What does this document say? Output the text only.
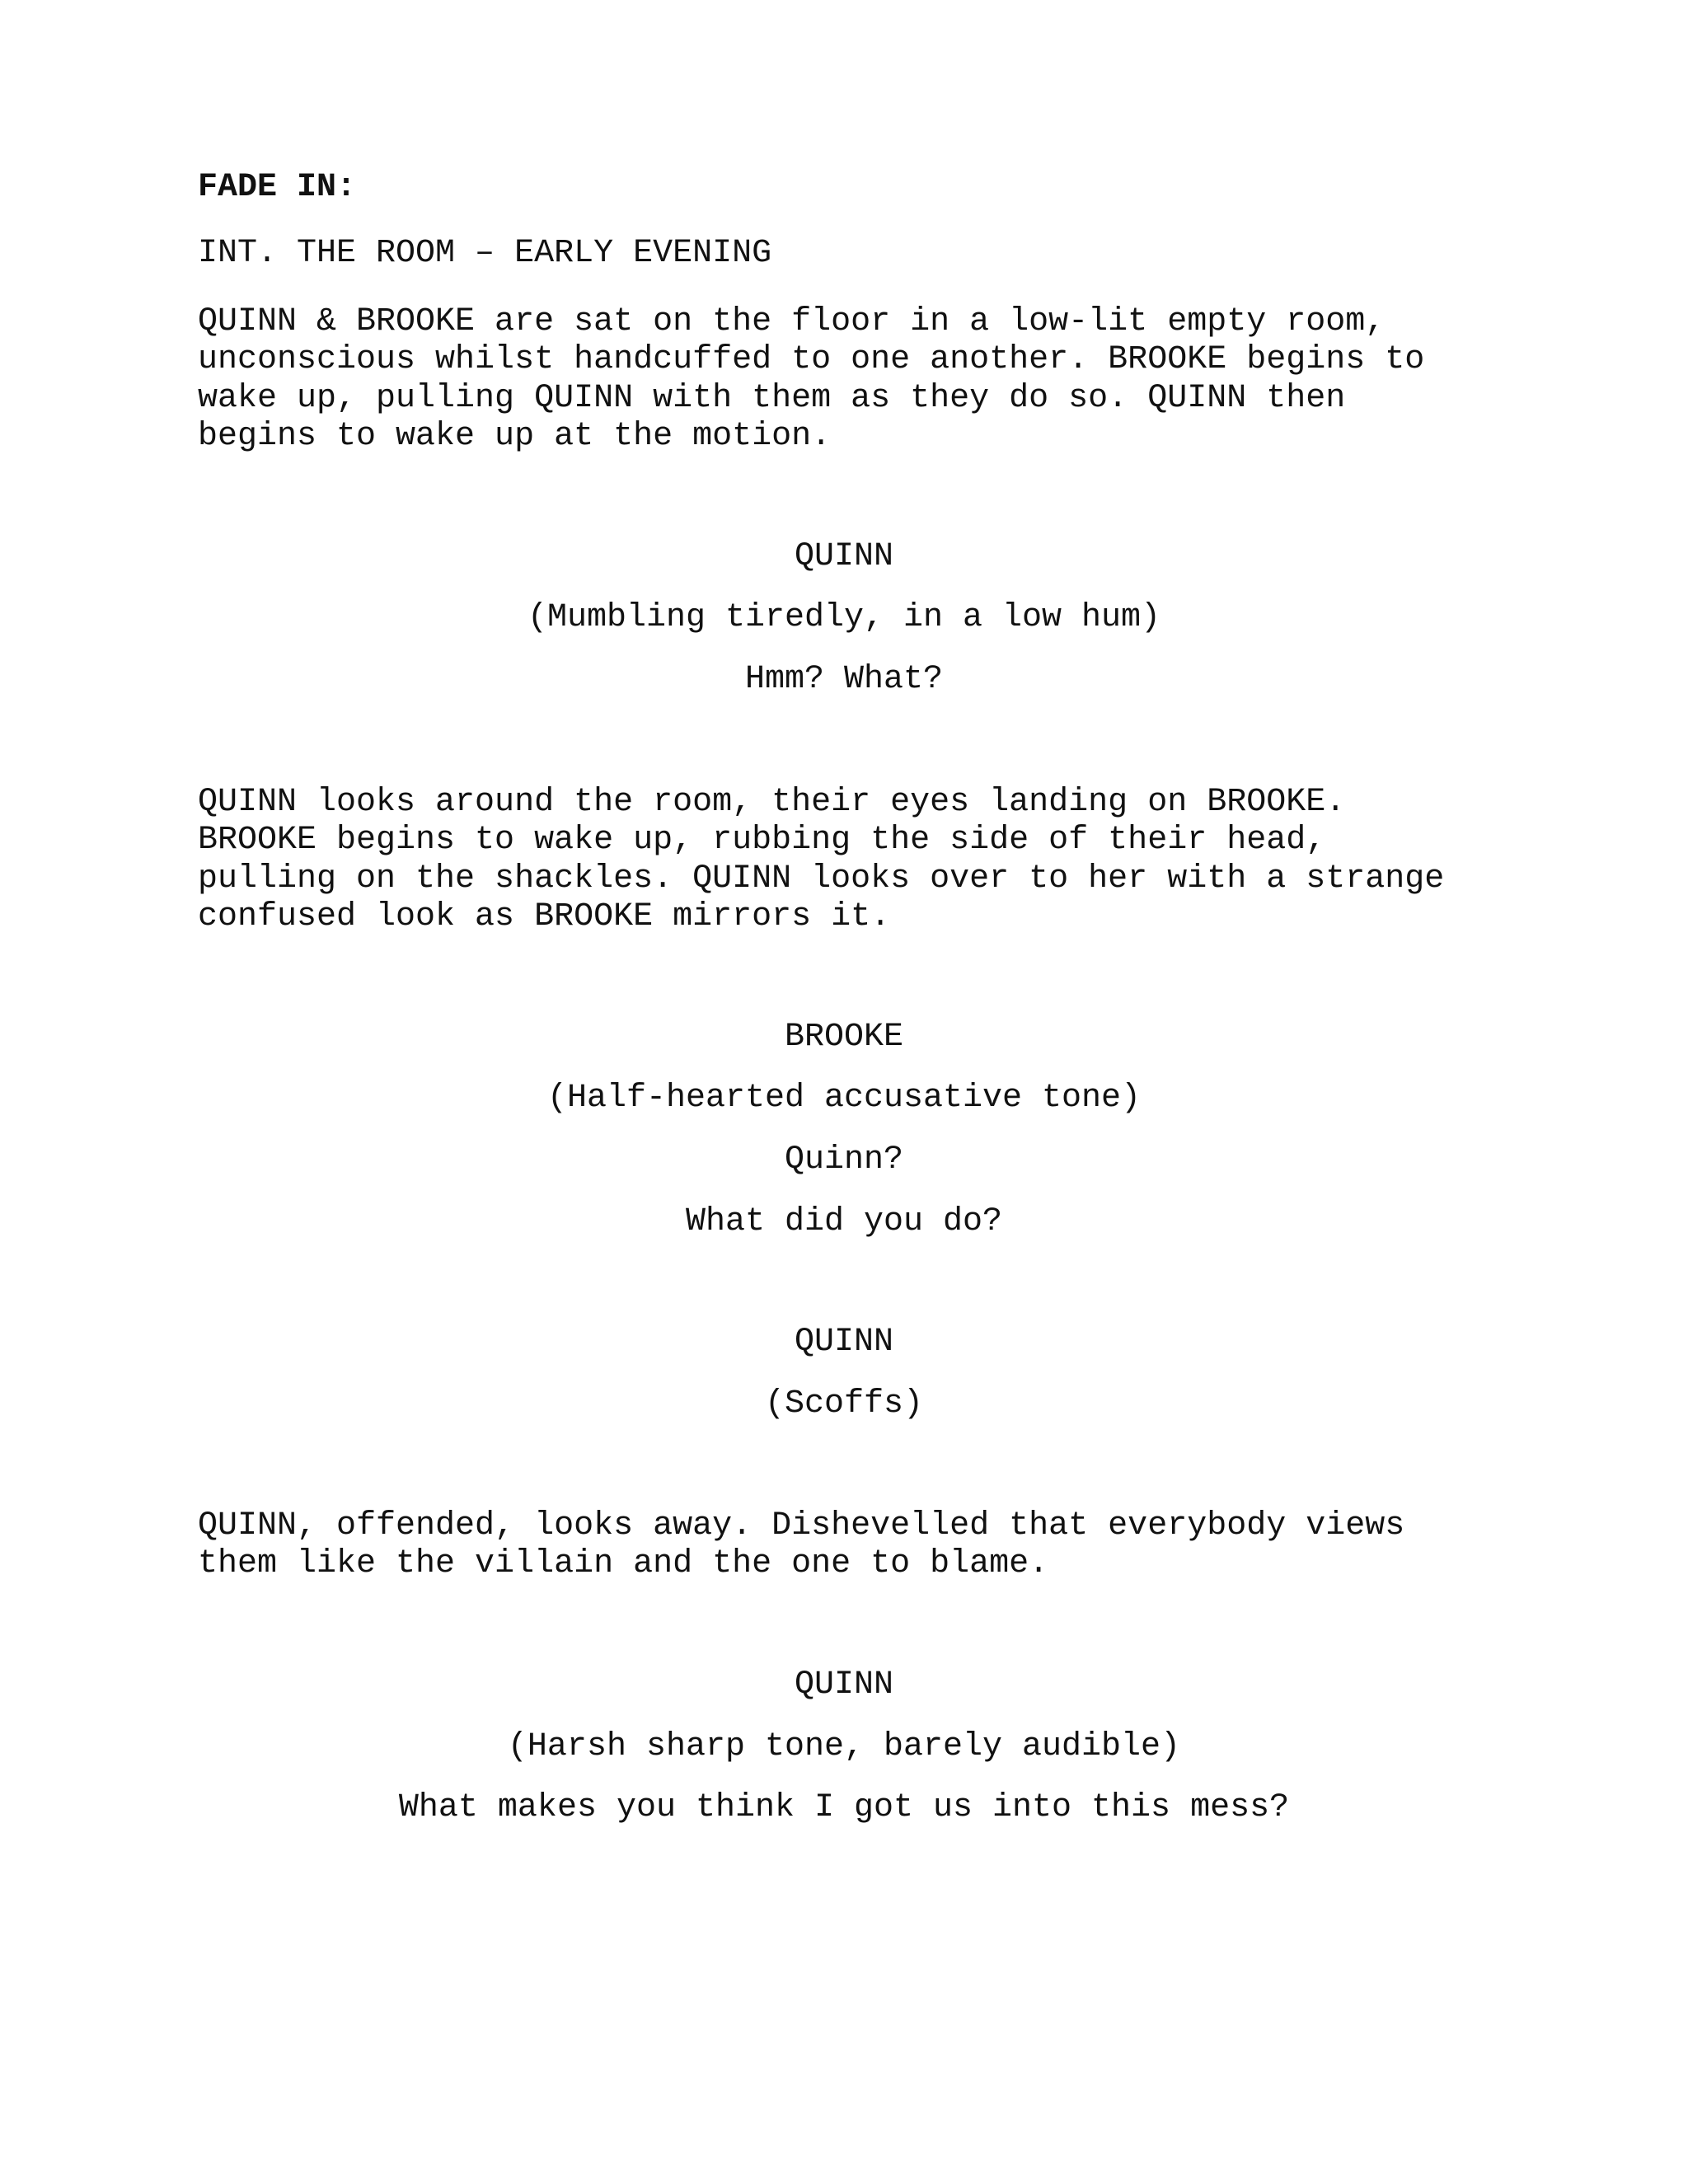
FADE IN:

INT. THE ROOM – EARLY EVENING

QUINN & BROOKE are sat on the floor in a low-lit empty room,

unconscious whilst handcuffed to one another. BROOKE begins to

wake up, pulling QUINN with them as they do so. QUINN then

begins to wake up at the motion.

QUINN

(Mumbling tiredly, in a low hum)

Hmm? What?

QUINN looks around the room, their eyes landing on BROOKE.

BROOKE begins to wake up, rubbing the side of their head,

pulling on the shackles. QUINN looks over to her with a strange

confused look as BROOKE mirrors it.

BROOKE

(Half-hearted accusative tone)

Quinn?

What did you do?

QUINN

(Scoffs)

QUINN, offended, looks away. Dishevelled that everybody views

them like the villain and the one to blame.

QUINN

(Harsh sharp tone, barely audible)

What makes you think I got us into this mess?
